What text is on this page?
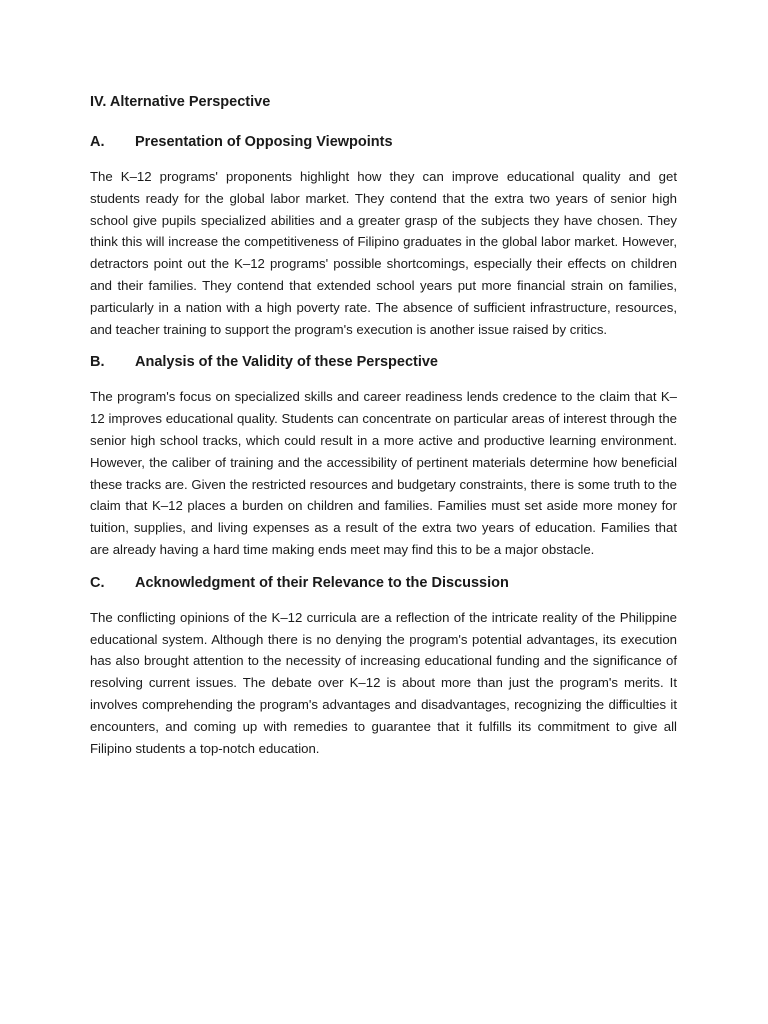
IV. Alternative Perspective
A.	Presentation of Opposing Viewpoints

The K–12 programs' proponents highlight how they can improve educational quality and get students ready for the global labor market. They contend that the extra two years of senior high school give pupils specialized abilities and a greater grasp of the subjects they have chosen. They think this will increase the competitiveness of Filipino graduates in the global labor market. However, detractors point out the K–12 programs' possible shortcomings, especially their effects on children and their families. They contend that extended school years put more financial strain on families, particularly in a nation with a high poverty rate. The absence of sufficient infrastructure, resources, and teacher training to support the program's execution is another issue raised by critics.

B.	Analysis of the Validity of these Perspective

The program's focus on specialized skills and career readiness lends credence to the claim that K–12 improves educational quality. Students can concentrate on particular areas of interest through the senior high school tracks, which could result in a more active and productive learning environment. However, the caliber of training and the accessibility of pertinent materials determine how beneficial these tracks are. Given the restricted resources and budgetary constraints, there is some truth to the claim that K–12 places a burden on children and families. Families must set aside more money for tuition, supplies, and living expenses as a result of the extra two years of education. Families that are already having a hard time making ends meet may find this to be a major obstacle.

C.	Acknowledgment of their Relevance to the Discussion

The conflicting opinions of the K–12 curricula are a reflection of the intricate reality of the Philippine educational system. Although there is no denying the program's potential advantages, its execution has also brought attention to the necessity of increasing educational funding and the significance of resolving current issues. The debate over K–12 is about more than just the program's merits. It involves comprehending the program's advantages and disadvantages, recognizing the difficulties it encounters, and coming up with remedies to guarantee that it fulfills its commitment to give all Filipino students a top-notch education.
